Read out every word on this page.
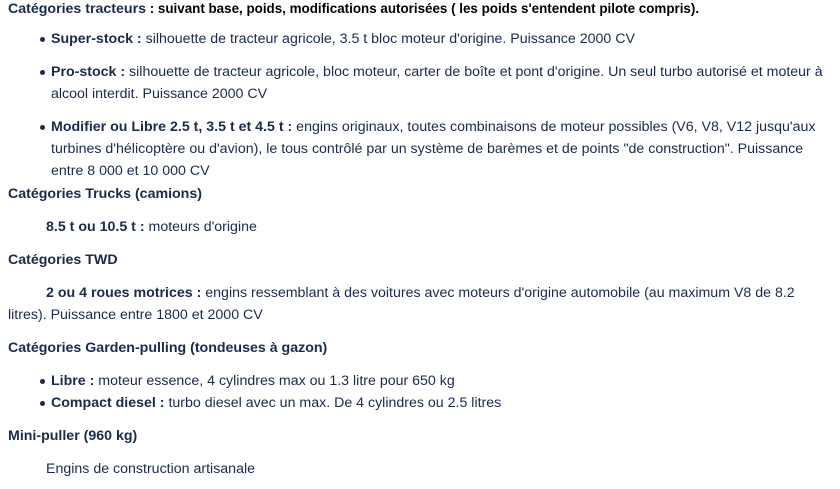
Catégories tracteurs : suivant base, poids, modifications autorisées ( les poids s'entendent pilote compris).
Super-stock : silhouette de tracteur agricole, 3.5 t bloc moteur d'origine. Puissance 2000 CV
Pro-stock : silhouette de tracteur agricole, bloc moteur, carter de boîte et pont d'origine. Un seul turbo autorisé et moteur à alcool interdit. Puissance 2000 CV
Modifier ou Libre 2.5 t, 3.5 t et 4.5 t : engins originaux, toutes combinaisons de moteur possibles (V6, V8, V12 jusqu'aux turbines d'hélicoptère ou d'avion), le tous contrôlé par un système de barèmes et de points "de construction". Puissance entre 8 000 et 10 000 CV
Catégories Trucks (camions)

8.5 t ou 10.5 t : moteurs d'origine

Catégories TWD

2 ou 4 roues motrices : engins ressemblant à des voitures avec moteurs d'origine automobile (au maximum V8 de 8.2 litres). Puissance entre 1800 et 2000 CV

Catégories Garden-pulling (tondeuses à gazon)
Libre : moteur essence, 4 cylindres max ou 1.3 litre pour 650 kg
Compact diesel : turbo diesel avec un max. De 4 cylindres ou 2.5 litres
Mini-puller (960 kg)

Engins de construction artisanale
